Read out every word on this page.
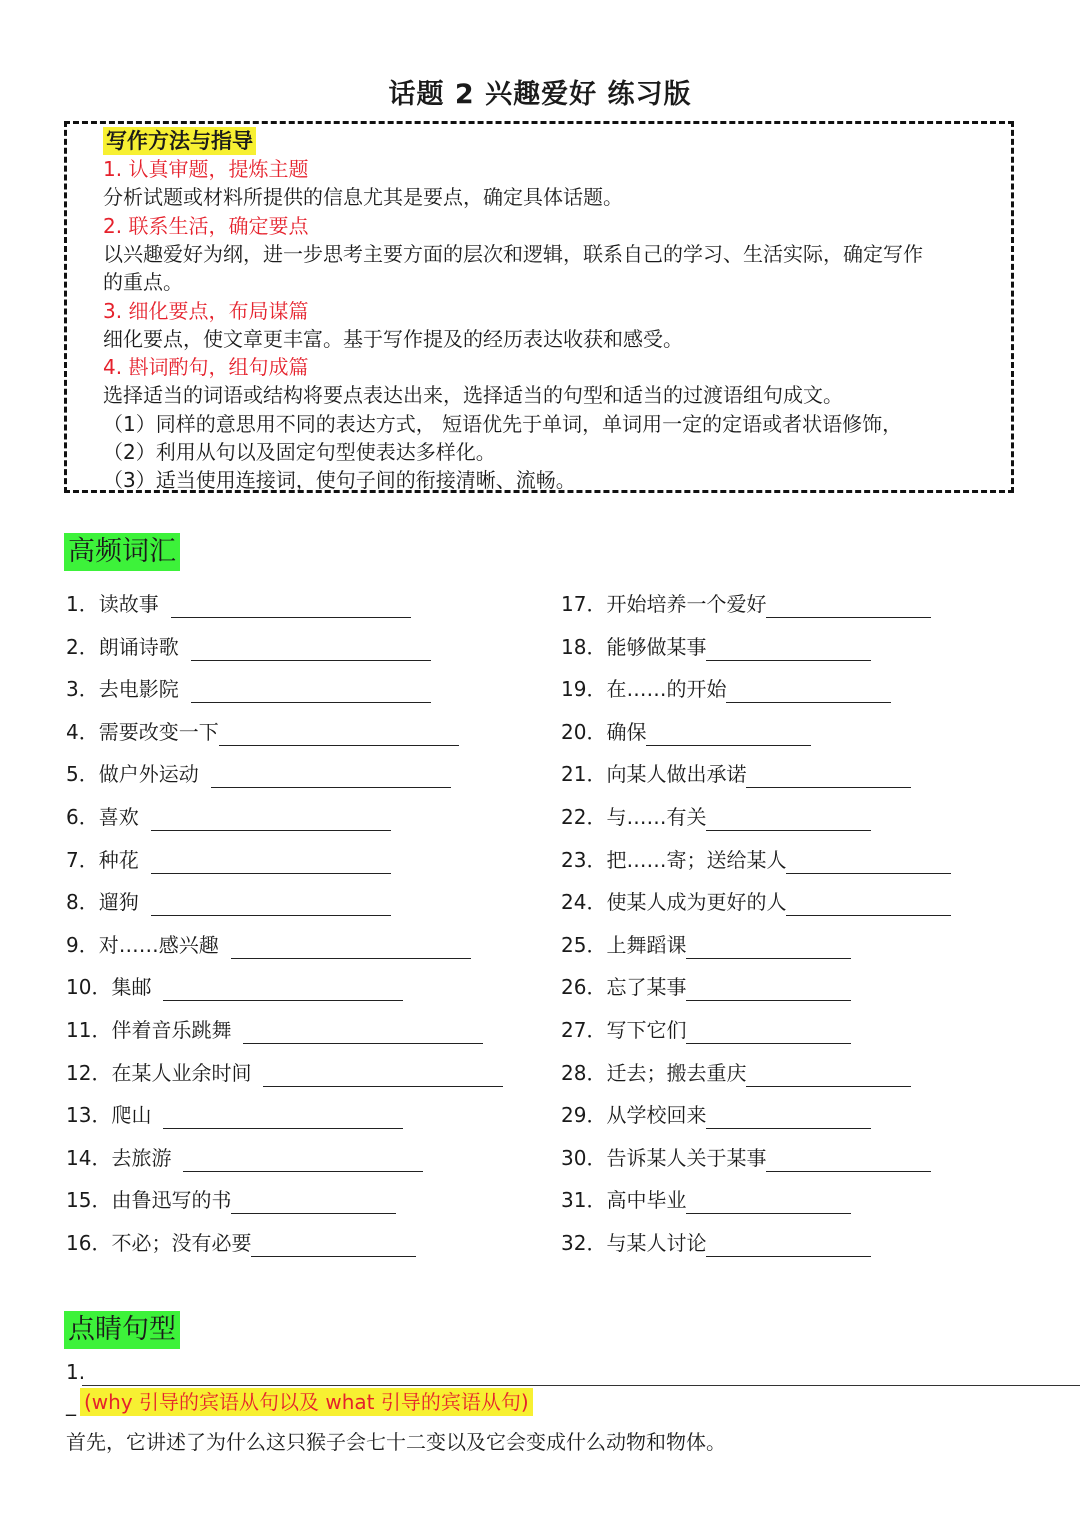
话题 2 兴趣爱好 练习版
写作方法与指导
1. 认真审题，提炼主题
分析试题或材料所提供的信息尤其是要点，确定具体话题。
2. 联系生活，确定要点
以兴趣爱好为纲，进一步思考主要方面的层次和逻辑，联系自己的学习、生活实际，确定写作
的重点。
3. 细化要点，布局谋篇
细化要点，使文章更丰富。基于写作提及的经历表达收获和感受。
4. 斟词酌句，组句成篇
选择适当的词语或结构将要点表达出来，选择适当的句型和适当的过渡语组句成文。
（1）同样的意思用不同的表达方式， 短语优先于单词，单词用一定的定语或者状语修饰，
（2）利用从句以及固定句型使表达多样化。
（3）适当使用连接词，使句子间的衔接清晰、流畅。
高频词汇
1．读故事
2．朗诵诗歌
3．去电影院
4．需要改变一下
5．做户外运动
6．喜欢
7．种花
8．遛狗
9．对……感兴趣
10．集邮
11．伴着音乐跳舞
12．在某人业余时间
13．爬山
14．去旅游
15．由鲁迅写的书
16．不必；没有必要
17．开始培养一个爱好
18．能够做某事
19．在……的开始
20．确保
21．向某人做出承诺
22．与……有关
23．把……寄；送给某人
24．使某人成为更好的人
25．上舞蹈课
26．忘了某事
27．写下它们
28．迁去；搬去重庆
29．从学校回来
30．告诉某人关于某事
31．高中毕业
32．与某人讨论
点睛句型
1.
_ (why 引导的宾语从句以及 what 引导的宾语从句)
首先，它讲述了为什么这只猴子会七十二变以及它会变成什么动物和物体。
